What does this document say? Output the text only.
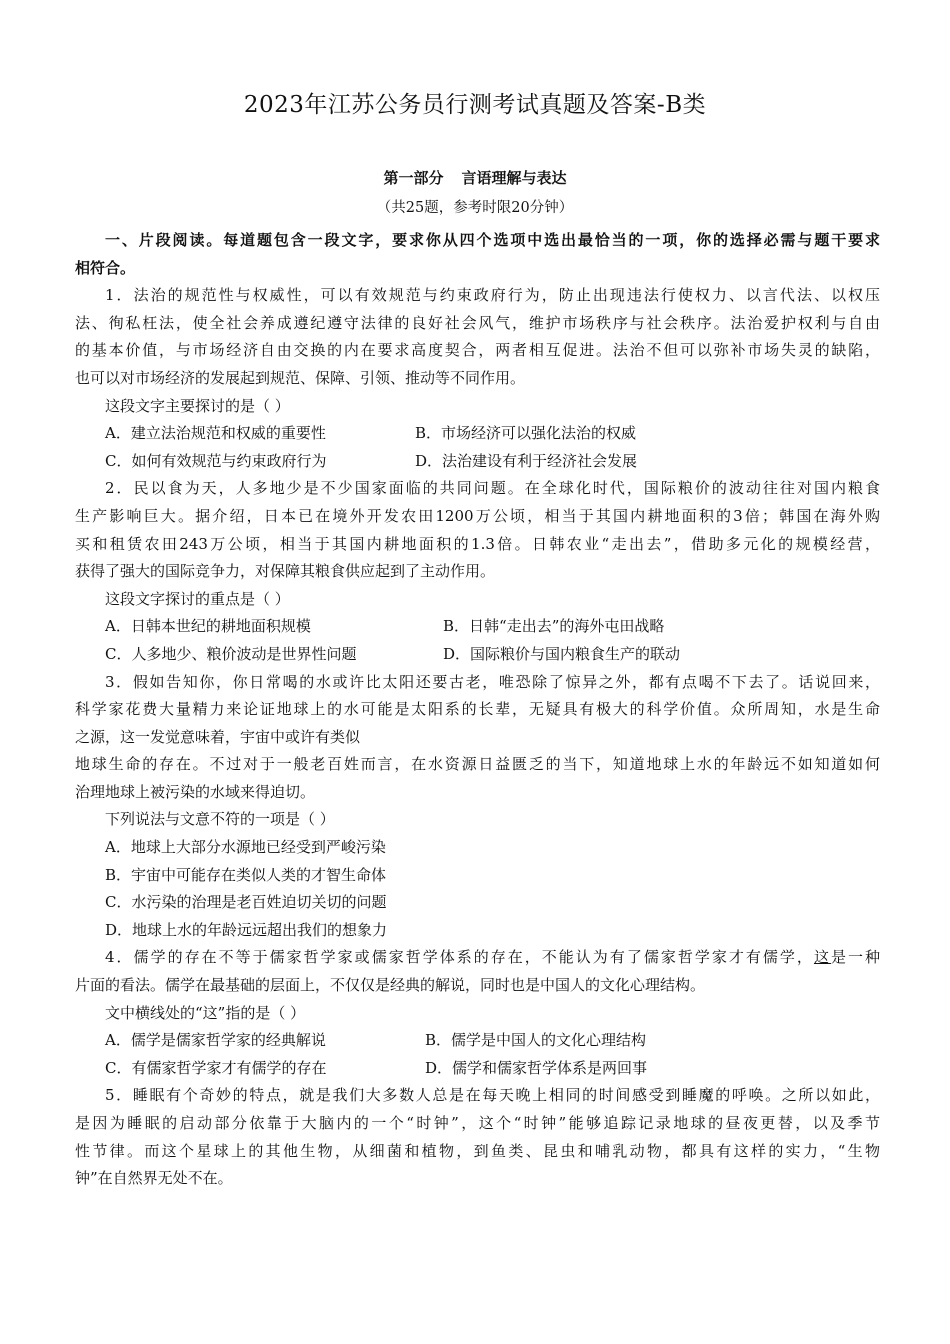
2023年江苏公务员行测考试真题及答案-B类
第一部分 言语理解与表达
（共25题，参考时限20分钟）
一、片段阅读。每道题包含一段文字，要求你从四个选项中选出最恰当的一项，你的选择必需与题干要求
相符合。
1．法治的规范性与权威性，可以有效规范与约束政府行为，防止出现违法行使权力、以言代法、以权压
法、徇私枉法，使全社会养成遵纪遵守法律的良好社会风气，维护市场秩序与社会秩序。法治爱护权利与自由
的基本价值，与市场经济自由交换的内在要求高度契合，两者相互促进。法治不但可以弥补市场失灵的缺陷，
也可以对市场经济的发展起到规范、保障、引领、推动等不同作用。
这段文字主要探讨的是（ ）
A．建立法治规范和权威的重要性	B．市场经济可以强化法治的权威
C．如何有效规范与约束政府行为	D．法治建设有利于经济社会发展
2．民以食为天，人多地少是不少国家面临的共同问题。在全球化时代，国际粮价的波动往往对国内粮食
生产影响巨大。据介绍，日本已在境外开发农田1200万公顷，相当于其国内耕地面积的3倍；韩国在海外购
买和租赁农田243万公顷，相当于其国内耕地面积的1.3倍。日韩农业“走出去”，借助多元化的规模经营，
获得了强大的国际竞争力，对保障其粮食供应起到了主动作用。
这段文字探讨的重点是（ ）
A．日韩本世纪的耕地面积规模	B．日韩“走出去”的海外屯田战略
C．人多地少、粮价波动是世界性问题	D．国际粮价与国内粮食生产的联动
3．假如告知你，你日常喝的水或许比太阳还要古老，唯恐除了惊异之外，都有点喝不下去了。话说回来，
科学家花费大量精力来论证地球上的水可能是太阳系的长辈，无疑具有极大的科学价值。众所周知，水是生命
之源，这一发觉意味着，宇宙中或许有类似
地球生命的存在。不过对于一般老百姓而言，在水资源日益匮乏的当下，知道地球上水的年龄远不如知道如何
治理地球上被污染的水域来得迫切。
下列说法与文意不符的一项是（ ）
A．地球上大部分水源地已经受到严峻污染
B．宇宙中可能存在类似人类的才智生命体
C．水污染的治理是老百姓迫切关切的问题
D．地球上水的年龄远远超出我们的想象力
4．儒学的存在不等于儒家哲学家或儒家哲学体系的存在，不能认为有了儒家哲学家才有儒学，这是一种
片面的看法。儒学在最基础的层面上，不仅仅是经典的解说，同时也是中国人的文化心理结构。
文中横线处的“这”指的是（ ）
A．儒学是儒家哲学家的经典解说	B．儒学是中国人的文化心理结构
C．有儒家哲学家才有儒学的存在	D．儒学和儒家哲学体系是两回事
5．睡眠有个奇妙的特点，就是我们大多数人总是在每天晚上相同的时间感受到睡魔的呼唤。之所以如此，
是因为睡眠的启动部分依靠于大脑内的一个“时钟”，这个“时钟”能够追踪记录地球的昼夜更替，以及季节
性节律。而这个星球上的其他生物，从细菌和植物，到鱼类、昆虫和哺乳动物，都具有这样的实力，“生物
钟”在自然界无处不在。
